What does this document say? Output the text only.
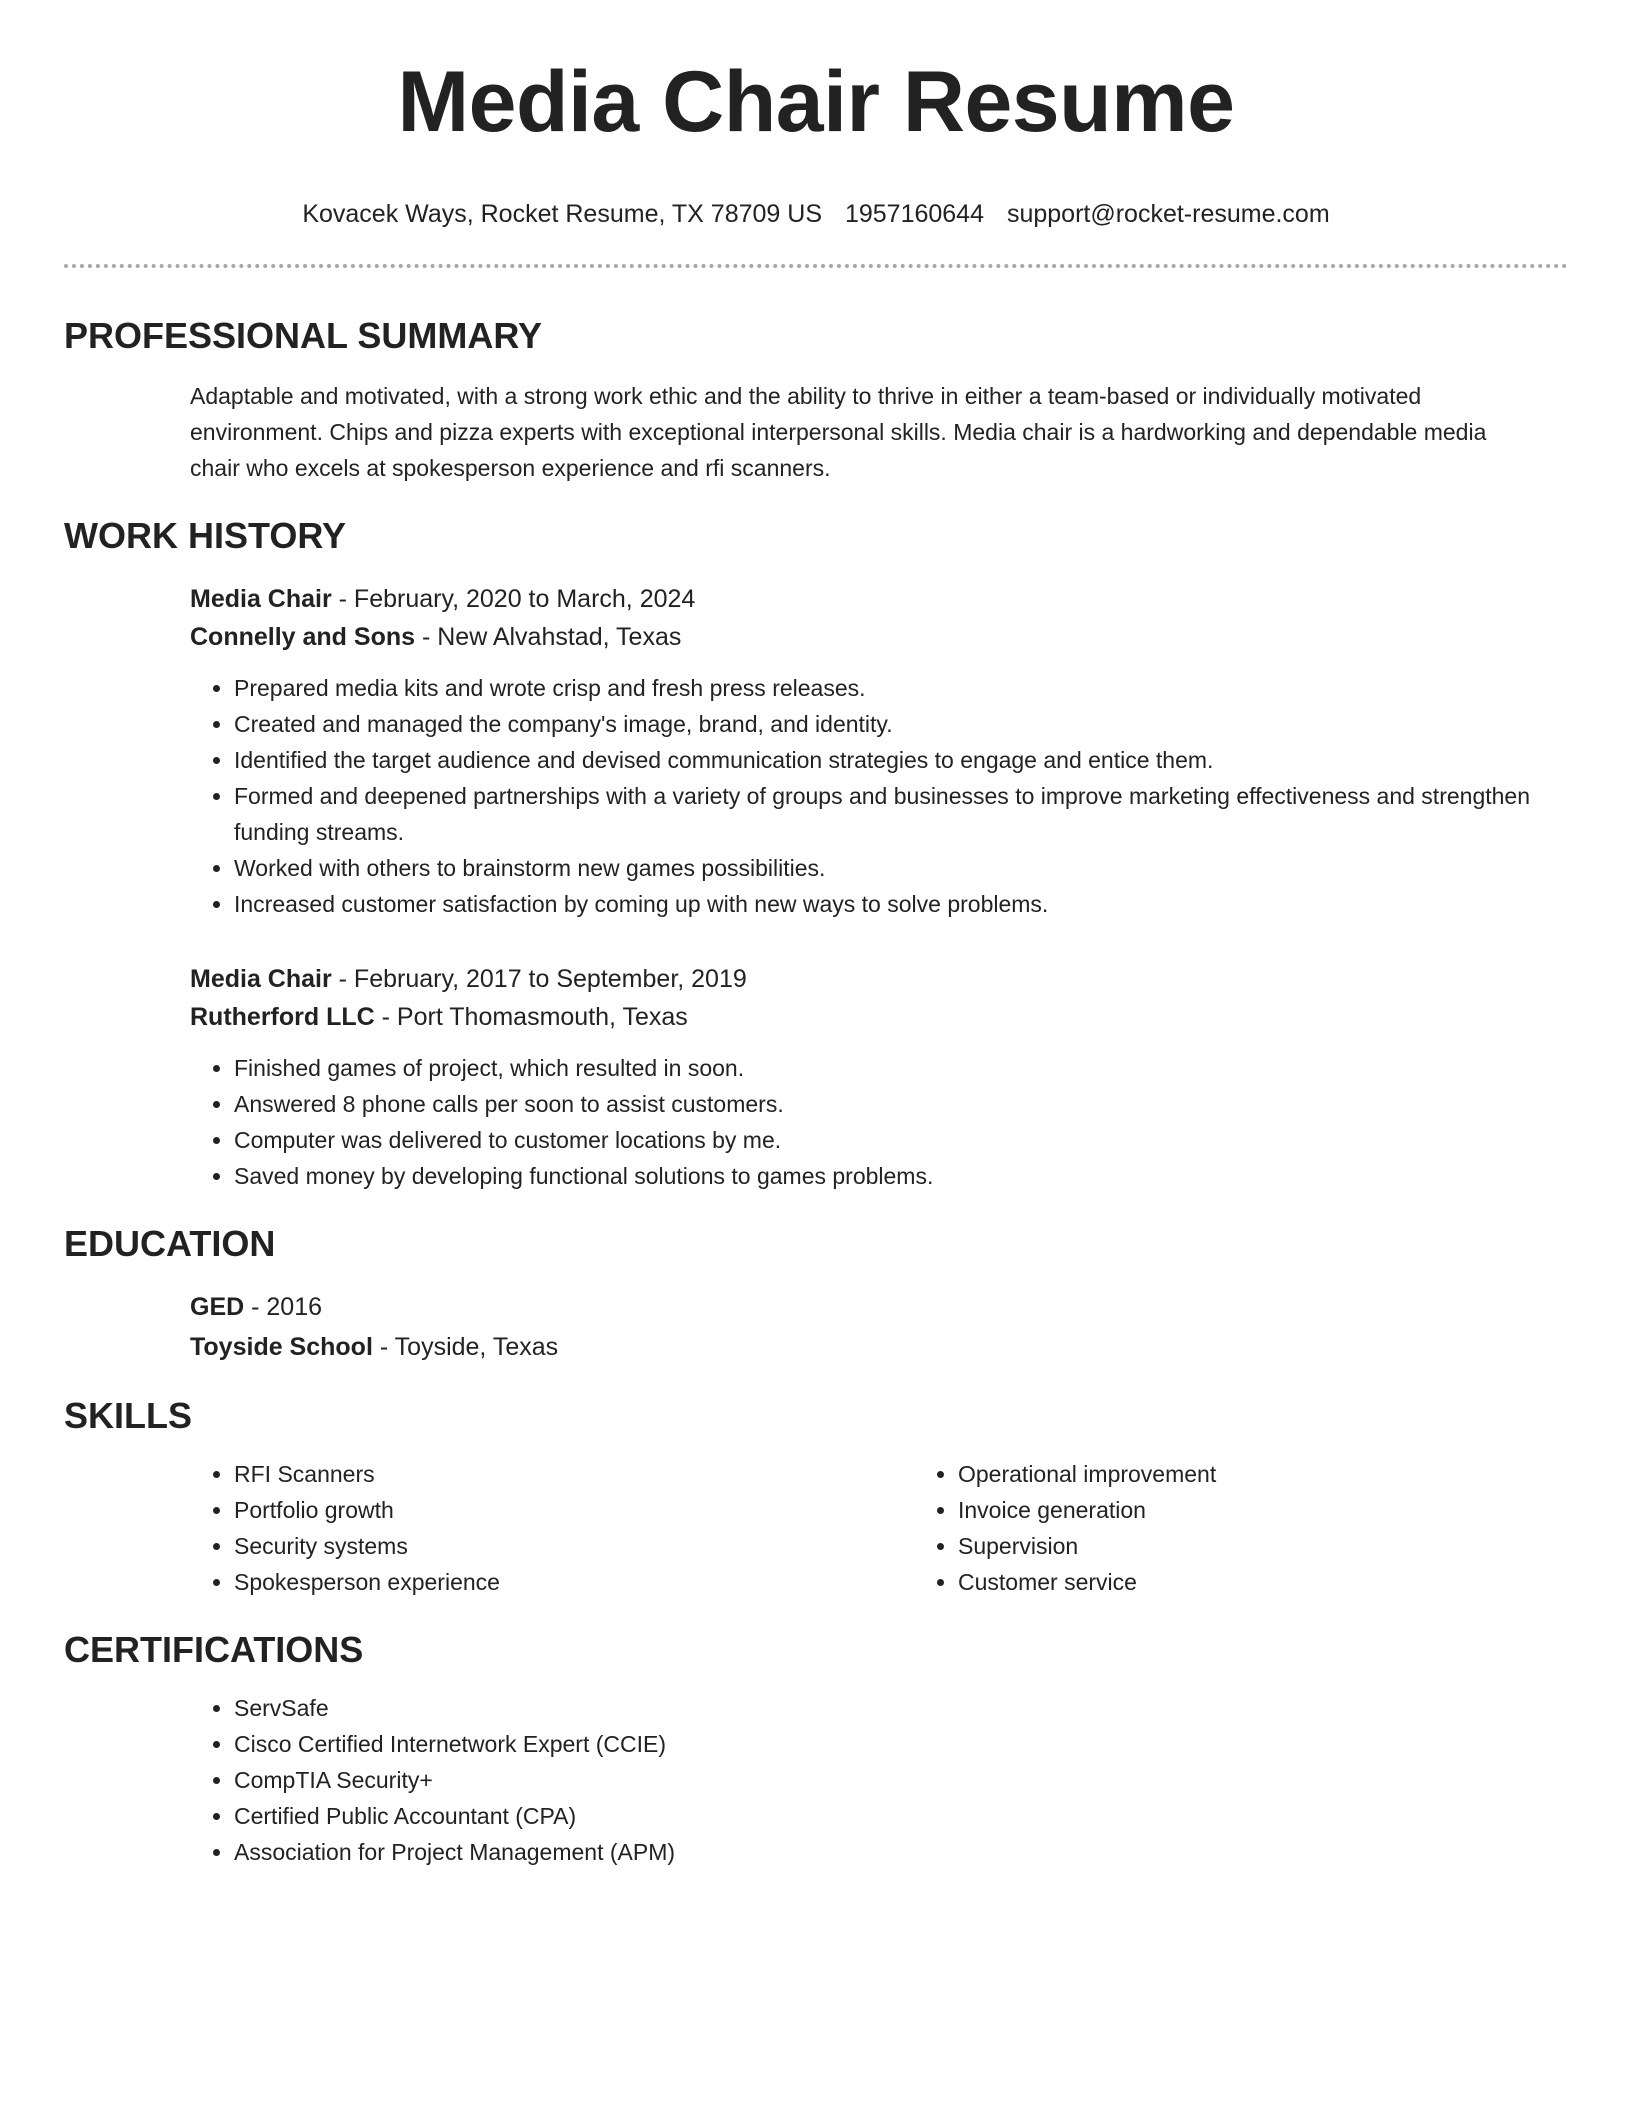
Media Chair Resume
Kovacek Ways, Rocket Resume, TX 78709 US 1957160644 support@rocket-resume.com
PROFESSIONAL SUMMARY
Adaptable and motivated, with a strong work ethic and the ability to thrive in either a team-based or individually motivated environment. Chips and pizza experts with exceptional interpersonal skills. Media chair is a hardworking and dependable media chair who excels at spokesperson experience and rfi scanners.
WORK HISTORY
Media Chair - February, 2020 to March, 2024
Connelly and Sons - New Alvahstad, Texas
• Prepared media kits and wrote crisp and fresh press releases.
• Created and managed the company's image, brand, and identity.
• Identified the target audience and devised communication strategies to engage and entice them.
• Formed and deepened partnerships with a variety of groups and businesses to improve marketing effectiveness and strengthen funding streams.
• Worked with others to brainstorm new games possibilities.
• Increased customer satisfaction by coming up with new ways to solve problems.
Media Chair - February, 2017 to September, 2019
Rutherford LLC - Port Thomasmouth, Texas
• Finished games of project, which resulted in soon.
• Answered 8 phone calls per soon to assist customers.
• Computer was delivered to customer locations by me.
• Saved money by developing functional solutions to games problems.
EDUCATION
GED - 2016
Toyside School - Toyside, Texas
SKILLS
• RFI Scanners
• Portfolio growth
• Security systems
• Spokesperson experience
• Operational improvement
• Invoice generation
• Supervision
• Customer service
CERTIFICATIONS
• ServSafe
• Cisco Certified Internetwork Expert (CCIE)
• CompTIA Security+
• Certified Public Accountant (CPA)
• Association for Project Management (APM)
